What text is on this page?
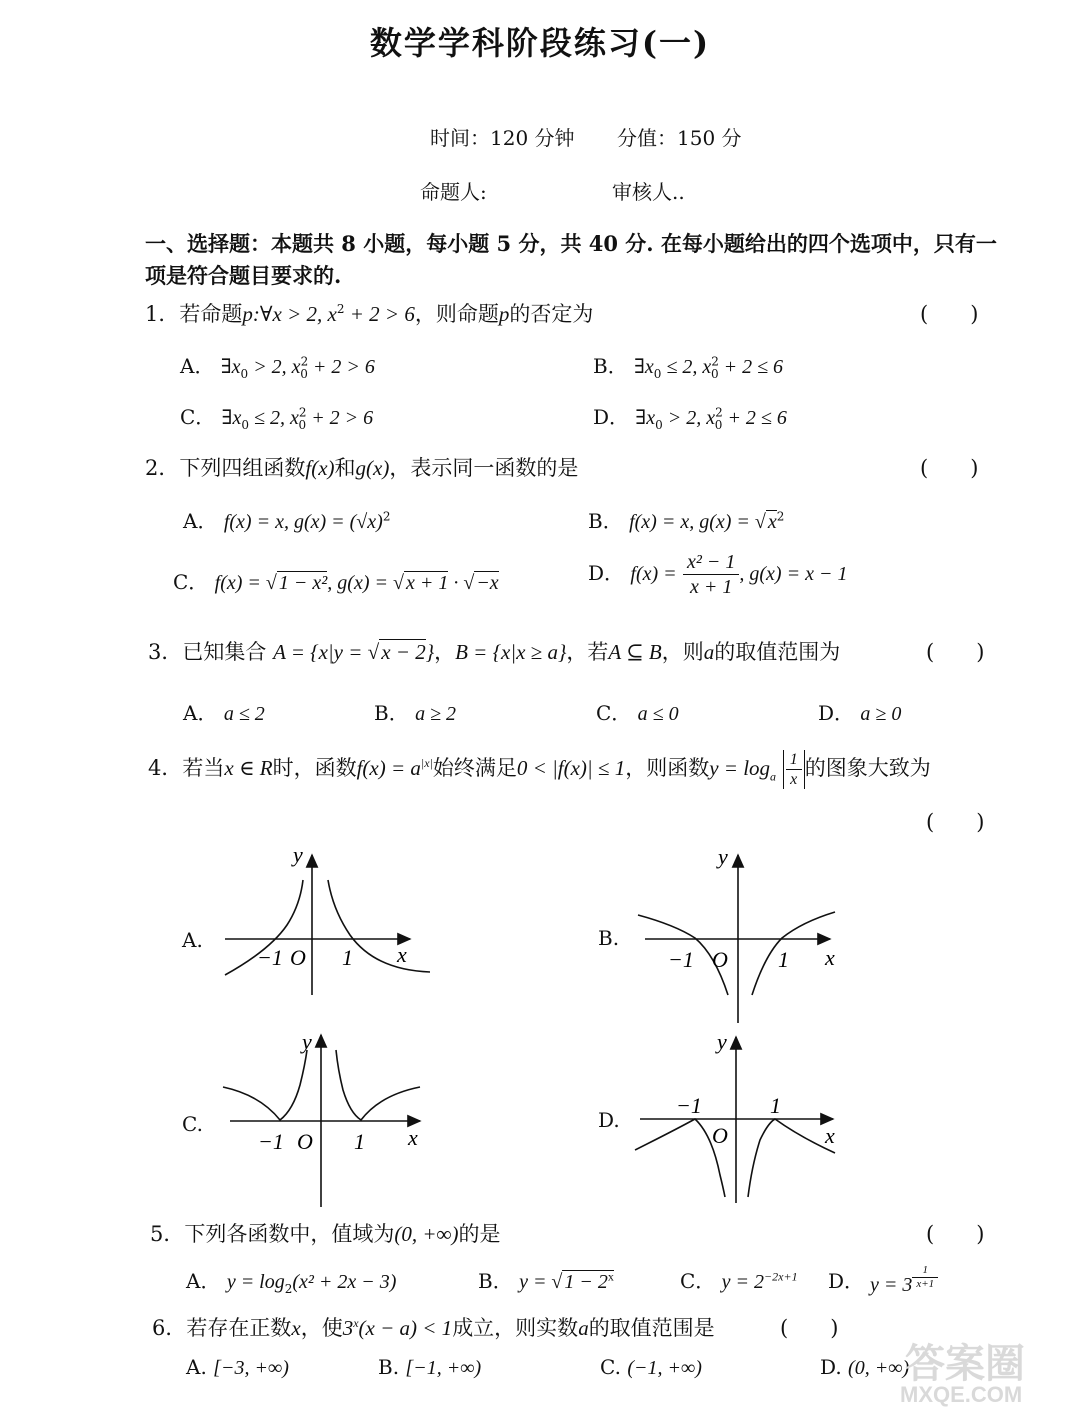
数学学科阶段练习(一)
时间：120 分钟 分值：150 分
命题人:	审核人..
一、选择题：本题共 8 小题，每小题 5 分，共 40 分. 在每小题给出的四个选项中，只有一
项是符合题目要求的.
1．若命题p:∀x > 2, $x^2 + 2 > 6$，则命题p的否定为	(　　)
A． $\exists x_0 > 2$, $x^2_0 + 2 > 6$	B． $\exists x_0 \le 2$, $x^2_0 + 2 \le 6$
C． $\exists x_0 \le 2$, $x^2_0 + 2 > 6$	D． $\exists x_0 > 2$, $x^2_0 + 2 \le 6$
2．下列四组函数f(x)和g(x)，表示同一函数的是	(　　)
A． f(x) = x, $g(x) = (√x)^2$	B． f(x) = x, g(x) = √ $x^2$
C． f(x) = √ 1 − x², g(x) = √ x + 1 · √ −x	D． $f(x) = \frac{\text{x² − 1}}{x + 1}$ , g(x) = x − 1
3．已知集合 A = {x|y = √x − 2}，B = {x|x ≥ a}，若A ⊆ B，则a的取值范围为	(　　)
A． a ≤ 2	B． a ≥ 2	C． a ≤ 0	D． a ≥ 0
4．若当x ∈ R时，函数$f(x) = a^{|x|}$始终满足0 < |f(x)| ≤ 1，则函数$y = \log_a \frac{1}{x}$ 的图象大致为
(　　)
A.
y
x
−1 O 1
B.
y
x
−1 O 1
C.
y
x
−1 O 1
D.
y
x
−1
O
1
5．下列各函数中，值域为(0, +∞)的是	(　　)
A． $y = \log_2(x^2 + 2x - 3)$	B． y = √ $1 - 2^x$	C． $y = 2^{-2x+1}$ D． $y = 3 \frac{1}{x+1}$
6．若存在正数x，使$3^x(x - a) < 1$成立，则实数a的取值范围是	(　　)
A. [−3, +∞)	B. [−1, +∞)	C. (−1, +∞)	D. (0, +∞)
答案圈
MXQE.COM
